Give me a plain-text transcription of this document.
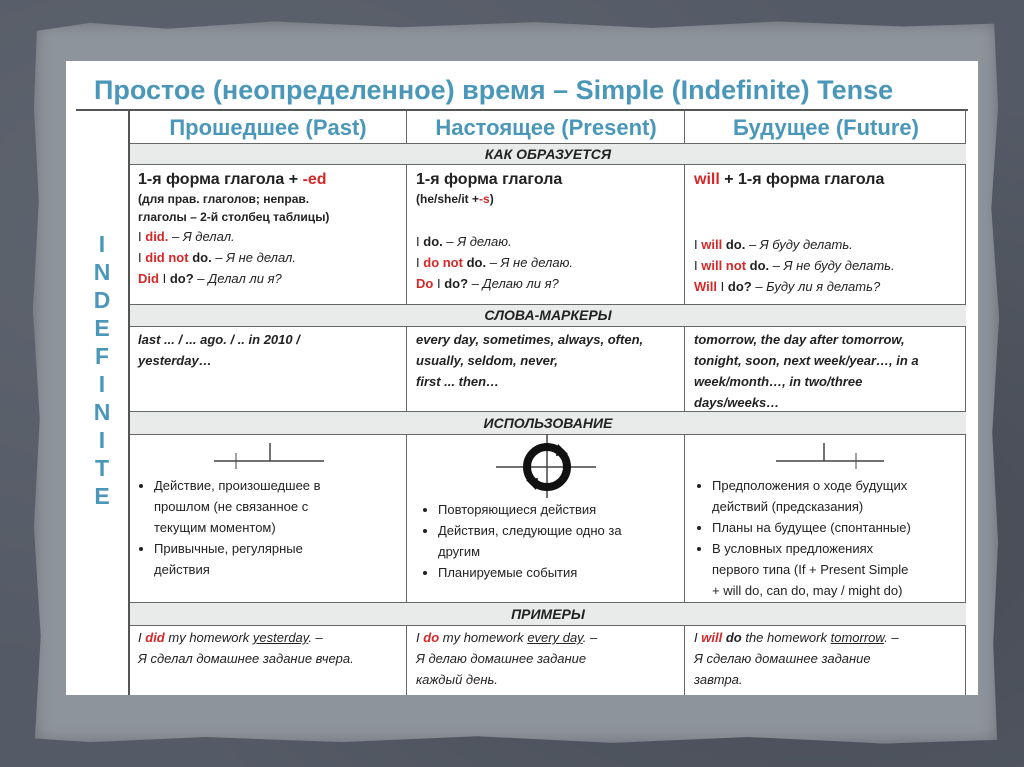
Простое (неопределенное) время – Simple (Indefinite) Tense
I
N
D
E
F
I
N
I
T
E
Прошедшее (Past)	Настоящее (Present)	Будущее (Future)
КАК ОБРАЗУЕТСЯ
СЛОВА-МАРКЕРЫ
ИСПОЛЬЗОВАНИЕ
ПРИМЕРЫ
1-я форма глагола + -ed
(для прав. глаголов; неправ.
глаголы – 2-й столбец таблицы)
I did. – Я делал.
I did not do. – Я не делал.
Did I do? – Делал ли я?
1-я форма глагола
(he/she/it +-s)
I do. – Я делаю.
I do not do. – Я не делаю.
Do I do? – Делаю ли я?
will + 1-я форма глагола
I will do. – Я буду делать.
I will not do. – Я не буду делать.
Will I do? – Буду ли я делать?
last ... / ... ago. / .. in 2010 /
yesterday…
every day, sometimes, always, often,
usually, seldom, never,
first ... then…
tomorrow, the day after tomorrow,
tonight, soon, next week/year…, in a
week/month…, in two/three
days/weeks…
• Действие, произошедшее в
прошлом (не связанное с
текущим моментом)
• Привычные, регулярные
действия
• Повторяющиеся действия
• Действия, следующие одно за
другим
• Планируемые события
• Предположения о ходе будущих
действий (предсказания)
• Планы на будущее (спонтанные)
• В условных предложениях
первого типа (If + Present Simple
+ will do, can do, may / might do)
I did my homework yesterday. –
Я сделал домашнее задание вчера.
I do my homework every day. –
Я делаю домашнее задание
каждый день.
I will do the homework tomorrow. –
Я сделаю домашнее задание
завтра.
